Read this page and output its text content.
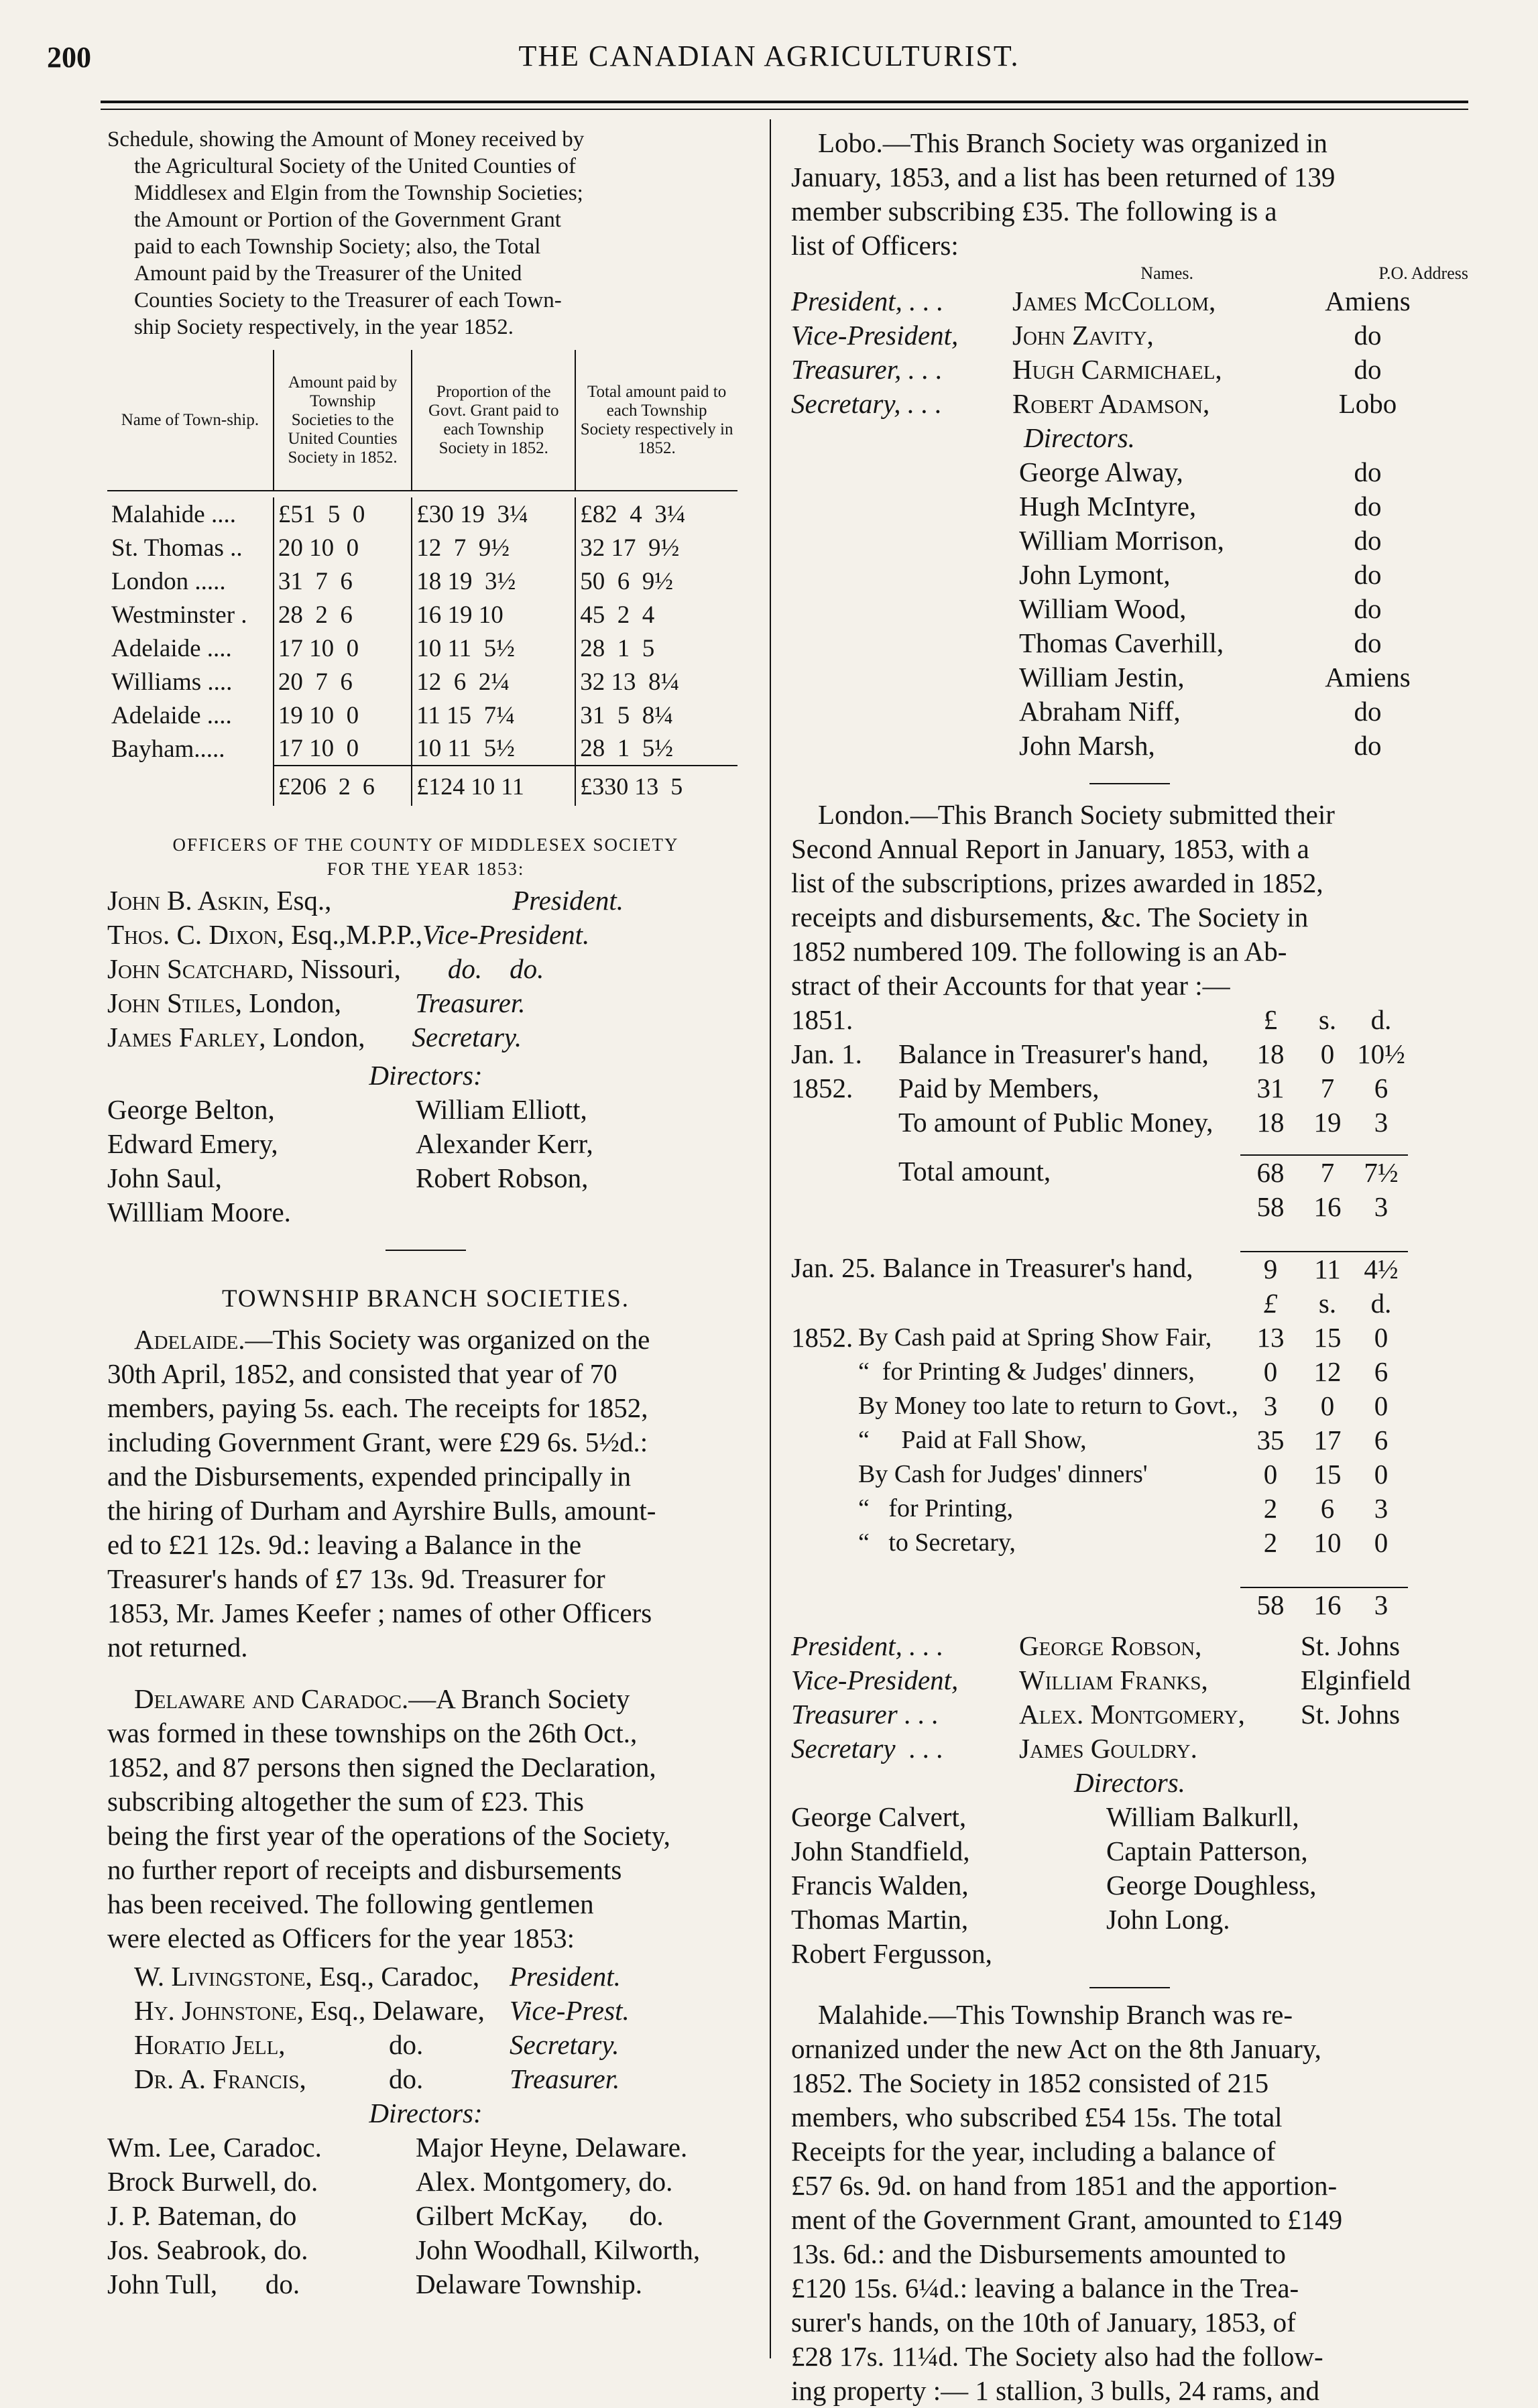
200	THE CANADIAN AGRICULTURIST.
Schedule, showing the Amount of Money received by
the Agricultural Society of the United Counties of
Middlesex and Elgin from the Township Societies;
the Amount or Portion of the Government Grant
paid to each Township Society; also, the Total
Amount paid by the Treasurer of the United
Counties Society to the Treasurer of each Town-
ship Society respectively, in the year 1852.
Name of Town-ship.	Amount paid by Township Societies to the United Counties Society in 1852.	Proportion of the Govt. Grant paid to each Township Society in 1852.	Total amount paid to each Township Society respectively in 1852.

Malahide ....	£51  5  0	£30 19  3¼	£82  4  3¼
St. Thomas ..	20 10  0	12  7  9½	32 17  9½
London .....	31  7  6	18 19  3½	50  6  9½
Westminster .	28  2  6	16 19 10	45  2  4
Adelaide ....	17 10  0	10 11  5½	28  1  5
Williams ....	20  7  6	12  6  2¼	32 13  8¼
Adelaide ....	19 10  0	11 15  7¼	31  5  8¼
Bayham.....	17 10  0	10 11  5½	28  1  5½
	£206  2  6	£124 10 11	£330 13  5
OFFICERS OF THE COUNTY OF MIDDLESEX SOCIETY
FOR THE YEAR 1853:
John B. Askin , Esq.,	President.
Thos. C. Dixon , Esq.,M.P.P., Vice-President.
John Scatchard , Nissouri, do.    do.
John Stiles , London,	Treasurer.
James Farley , London, Secretary.
Directors:
George Belton,	William Elliott,
Edward Emery,	Alexander Kerr,
John Saul,	Robert Robson,
Willliam Moore.
TOWNSHIP BRANCH SOCIETIES.
Adelaide.—This Society was organized on the
30th April, 1852, and consisted that year of 70
members, paying 5s. each. The receipts for 1852,
including Government Grant, were £29 6s. 5½d.:
and the Disbursements, expended principally in
the hiring of Durham and Ayrshire Bulls, amount-
ed to £21 12s. 9d.: leaving a Balance in the
Treasurer's hands of £7 13s. 9d. Treasurer for
1853, Mr. James Keefer ; names of other Officers
not returned.
Delaware and Caradoc.—A Branch Society
was formed in these townships on the 26th Oct.,
1852, and 87 persons then signed the Declaration,
subscribing altogether the sum of £23. This
being the first year of the operations of the Society,
no further report of receipts and disbursements
has been received. The following gentlemen
were elected as Officers for the year 1853:
W. Livingstone, Esq., Caradoc,	President.
Hy. Johnstone, Esq., Delaware, Vice-Prest.
Horatio Jell,	do.	Secretary.
Dr. A. Francis,	do.	Treasurer.
Directors:
Wm. Lee, Caradoc.	Major Heyne, Delaware.
Brock Burwell, do.	Alex. Montgomery, do.
J. P. Bateman, do	Gilbert McKay,      do.
Jos. Seabrook, do.	John Woodhall, Kilworth,
John Tull,       do.	Delaware Township.
Lobo.—This Branch Society was organized in
January, 1853, and a list has been returned of 139
member subscribing £35. The following is a
list of Officers:
Names.	P.O. Address
President, . . .	James McColloм,	Amiens
Vice-President,	John Zavity,	do
Treasurer, . . .	Hugh Carmichael,	do
Secretary, . . .	Robert Adamson,	Lobo
Directors.
George Alway,	do
Hugh McIntyre,	do
William Morrison,	do
John Lymont,	do
William Wood,	do
Thomas Caverhill,	do
William Jestin,	Amiens
Abraham Niff,	do
John Marsh,	do
London.—This Branch Society submitted their
Second Annual Report in January, 1853, with a
list of the subscriptions, prizes awarded in 1852,
receipts and disbursements, &c. The Society in
1852 numbered 109. The following is an Ab-
stract of their Accounts for that year :—
1851.	£	s.	d.
Jan. 1.	Balance in Treasurer's hand,	18	0 10½
1852.	Paid by Members,	31	7	6
To amount of Public Money,	18	19	3
Total amount,	68	7	7½
58	16	3
Jan. 25. Balance in Treasurer's hand,	9	11 4½
£	s.	d.
1852. By Cash paid at Spring Show Fair,	13	15	0
“  for Printing & Judges' dinners,	0	12	6
By Money too late to return to Govt., 3	0	0
“     Paid at Fall Show,	35	17	6
By Cash for Judges' dinners'	0	15	0
“   for Printing,	2	6	3
“   to Secretary,	2	10	0
58	16	3
President, . . .	George Robson,	St. Johns
Vice-President,	William Franks,	Elginfield
Treasurer . . .	Alex. Montgomery,	St. Johns
Secretary  . . .	James Gouldry.
Directors.
George Calvert,	William Balkurll,
John Standfield,	Captain Patterson,
Francis Walden,	George Doughless,
Thomas Martin,	John Long.
Robert Fergusson,
Malahide.—This Township Branch was re-
ornanized under the new Act on the 8th January,
1852. The Society in 1852 consisted of 215
members, who subscribed £54 15s. The total
Receipts for the year, including a balance of
£57 6s. 9d. on hand from 1851 and the apportion-
ment of the Government Grant, amounted to £149
13s. 6d.: and the Disbursements amounted to
£120 15s. 6¼d.: leaving a balance in the Trea-
surer's hands, on the 10th of January, 1853, of
£28 17s. 11¼d. The Society also had the follow-
ing property :— 1 stallion, 3 bulls, 24 rams, and
